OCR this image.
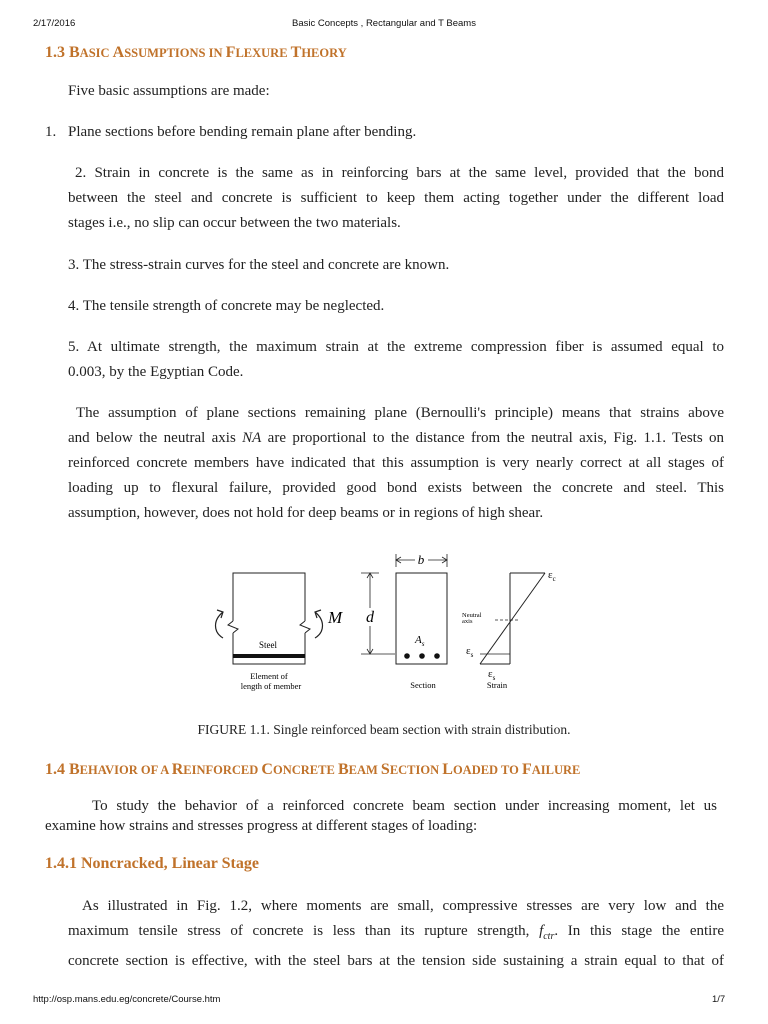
2/17/2016	Basic Concepts , Rectangular and T Beams
1.3 BASIC ASSUMPTIONS IN FLEXURE THEORY
Five basic assumptions are made:
1. Plane sections before bending remain plane after bending.
2. Strain in concrete is the same as in reinforcing bars at the same level, provided that the bond
between the steel and concrete is sufficient to keep them acting together under the different load
stages i.e., no slip can occur between the two materials.
3. The stress-strain curves for the steel and concrete are known.
4. The tensile strength of concrete may be neglected.
5. At ultimate strength, the maximum strain at the extreme compression fiber is assumed equal to
0.003, by the Egyptian Code.
The assumption of plane sections remaining plane (Bernoulli's principle) means that strains above
and below the neutral axis NA are proportional to the distance from the neutral axis, Fig. 1.1. Tests on
reinforced concrete members have indicated that this assumption is very nearly correct at all stages of
loading up to flexural failure, provided good bond exists between the concrete and steel. This
assumption, however, does not hold for deep beams or in regions of high shear.
Steel
Element of
length of member
M
b
d
$A_s$
Section
Neutral
axis
$\varepsilon_c$
$\varepsilon_s$
$\varepsilon_s$
Strain
FIGURE 1.1. Single reinforced beam section with strain distribution.
1.4 BEHAVIOR OF A REINFORCED CONCRETE BEAM SECTION LOADED TO FAILURE
To study the behavior of a reinforced concrete beam section under increasing moment, let us
examine how strains and stresses progress at different stages of loading:
1.4.1 Noncracked, Linear Stage
As illustrated in Fig. 1.2, where moments are small, compressive stresses are very low and the
maximum tensile stress of concrete is less than its rupture strength, $f_{ctr}$. In this stage the entire
concrete section is effective, with the steel bars at the tension side sustaining a strain equal to that of
http://osp.mans.edu.eg/concrete/Course.htm	1/7
